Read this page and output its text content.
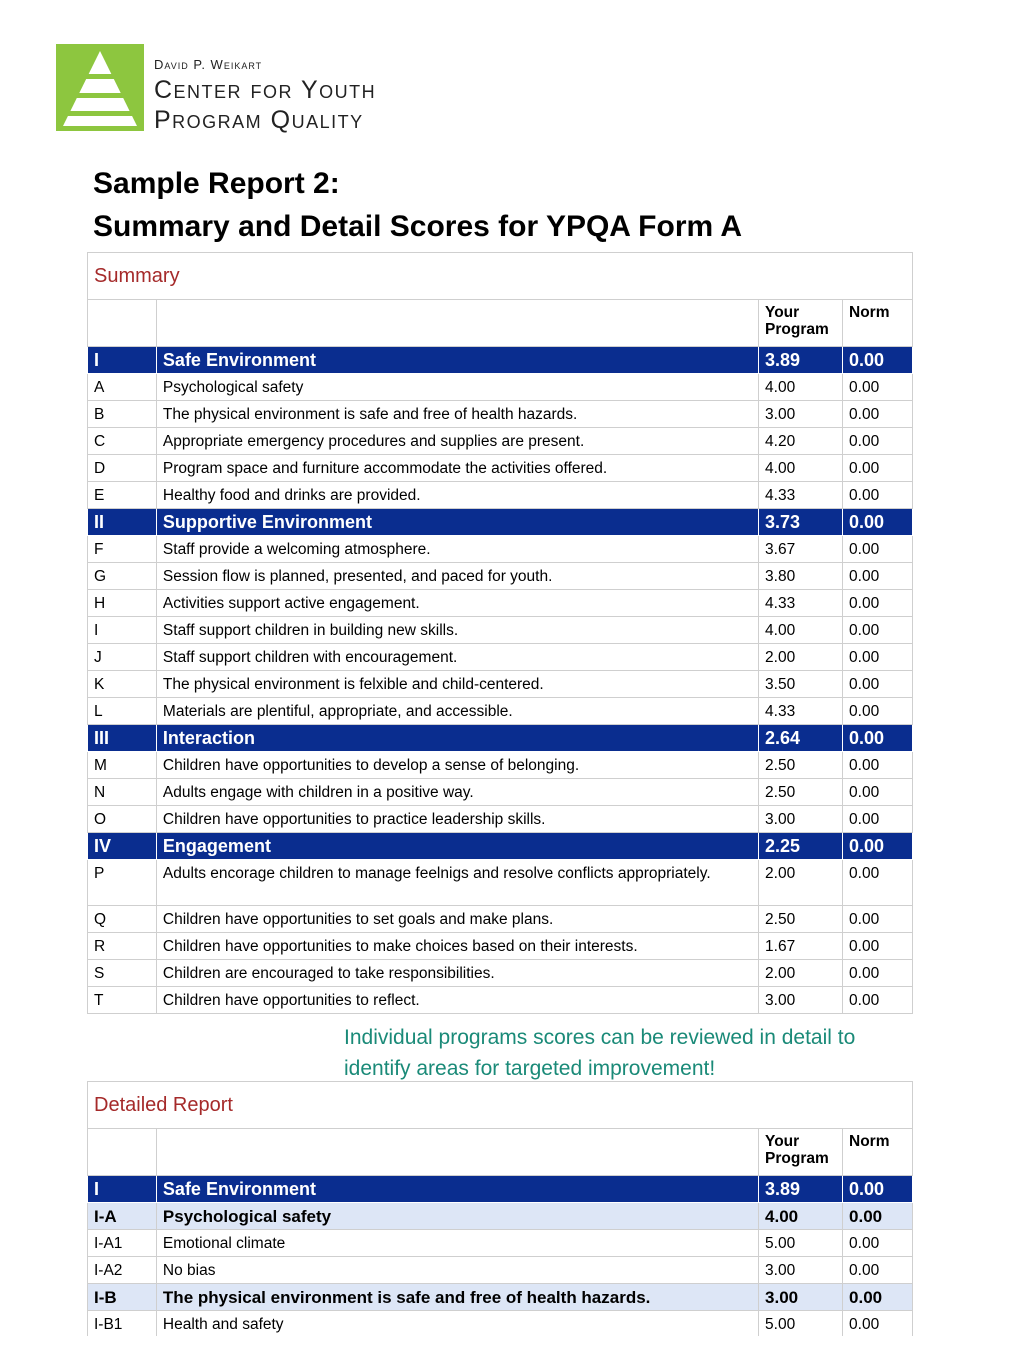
David P. Weikart
Center for Youth
Program Quality
Sample Report 2:
Summary and Detail Scores for YPQA Form A
Summary			
		Your Program	Norm
I	Safe Environment	3.89	0.00
A	Psychological safety	4.00	0.00
B	The physical environment is safe and free of health hazards.	3.00	0.00
C	Appropriate emergency procedures and supplies are present.	4.20	0.00
D	Program space and furniture accommodate the activities offered.	4.00	0.00
E	Healthy food and drinks are provided.	4.33	0.00
II	Supportive Environment	3.73	0.00
F	Staff provide a welcoming atmosphere.	3.67	0.00
G	Session flow is planned, presented, and paced for youth.	3.80	0.00
H	Activities support active engagement.	4.33	0.00
I	Staff support children in building new skills.	4.00	0.00
J	Staff support children with encouragement.	2.00	0.00
K	The physical environment is felxible and child-centered.	3.50	0.00
L	Materials are plentiful, appropriate, and accessible.	4.33	0.00
III	Interaction	2.64	0.00
M	Children have opportunities to develop a sense of belonging.	2.50	0.00
N	Adults engage with children in a positive way.	2.50	0.00
O	Children have opportunities to practice leadership skills.	3.00	0.00
IV	Engagement	2.25	0.00
P	Adults encorage children to manage feelnigs and resolve conflicts appropriately.	2.00	0.00
Q	Children have opportunities to set goals and make plans.	2.50	0.00
R	Children have opportunities to make choices based on their interests.	1.67	0.00
S	Children are encouraged to take responsibilities.	2.00	0.00
T	Children have opportunities to reflect.	3.00	0.00
Individual programs scores can be reviewed in detail to identify areas for targeted improvement!
Detailed Report			
		Your Program	Norm
I	Safe Environment	3.89	0.00
I-A	Psychological safety	4.00	0.00
I-A1	Emotional climate	5.00	0.00
I-A2	No bias	3.00	0.00
I-B	The physical environment is safe and free of health hazards.	3.00	0.00
I-B1	Health and safety	5.00	0.00
